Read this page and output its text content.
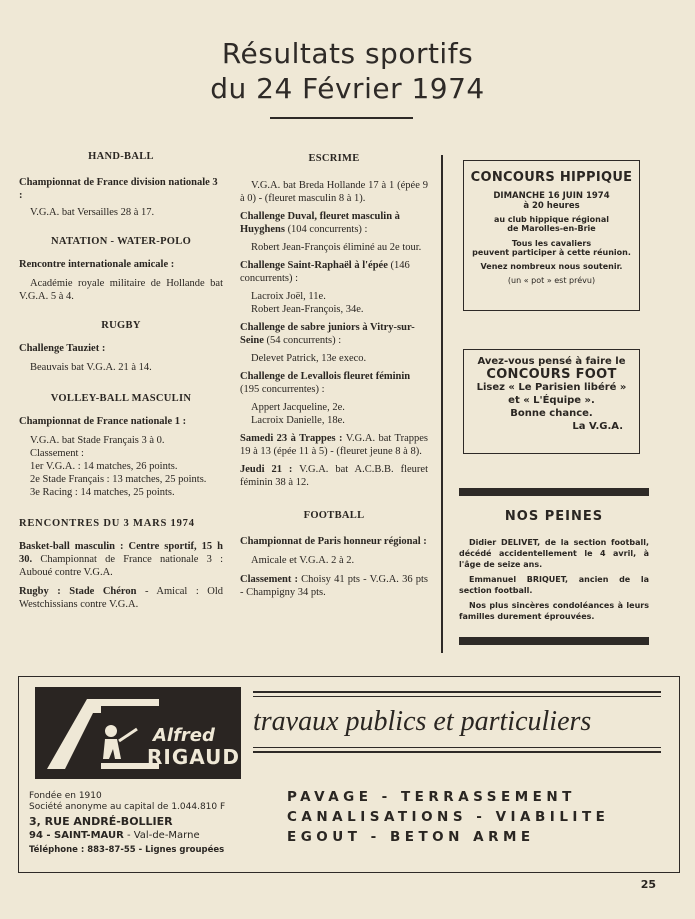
Résultats sportifs
du 24 Février 1974
HAND-BALL
Championnat de France division nationale 3 :
V.G.A. bat Versailles 28 à 17.
NATATION - WATER-POLO
Rencontre internationale amicale :
Académie royale militaire de Hollande bat V.G.A. 5 à 4.
RUGBY
Challenge Tauziet :
Beauvais bat V.G.A. 21 à 14.
VOLLEY-BALL MASCULIN
Championnat de France nationale 1 :
V.G.A. bat Stade Français 3 à 0.
Classement :
1er V.G.A. : 14 matches, 26 points.
2e Stade Français : 13 matches, 25 points.
3e Racing : 14 matches, 25 points.
RENCONTRES DU 3 MARS 1974
Basket-ball masculin : Centre sportif, 15 h 30. Championnat de France nationale 3 : Auboué contre V.G.A.
Rugby : Stade Chéron - Amical : Old Westchissians contre V.G.A.
ESCRIME
V.G.A. bat Breda Hollande 17 à 1 (épée 9 à 0) - (fleuret masculin 8 à 1).
Challenge Duval, fleuret masculin à Huyghens (104 concurrents) :
Robert Jean-François éliminé au 2e tour.
Challenge Saint-Raphaël à l'épée (146 concurrents) :
Lacroix Joël, 11e.
Robert Jean-François, 34e.
Challenge de sabre juniors à Vitry-sur-Seine (54 concurrents) :
Delevet Patrick, 13e execo.
Challenge de Levallois fleuret féminin (195 concurrentes) :
Appert Jacqueline, 2e.
Lacroix Danielle, 18e.
Samedi 23 à Trappes : V.G.A. bat Trappes 19 à 13 (épée 11 à 5) - (fleuret jeune 8 à 8).
Jeudi 21 : V.G.A. bat A.C.B.B. fleuret féminin 38 à 12.
FOOTBALL
Championnat de Paris honneur régional :
Amicale et V.G.A. 2 à 2.
Classement : Choisy 41 pts - V.G.A. 36 pts - Champigny 34 pts.
CONCOURS HIPPIQUE
DIMANCHE 16 JUIN 1974
à 20 heures
au club hippique régional
de Marolles-en-Brie
Tous les cavaliers
peuvent participer à cette réunion.
Venez nombreux nous soutenir.
(un « pot » est prévu)
Avez-vous pensé à faire le
CONCOURS FOOT
Lisez « Le Parisien libéré »
et « L'Équipe ».
Bonne chance.
La V.G.A.
NOS PEINES
Didier DELIVET, de la section football, décédé accidentellement le 4 avril, à l'âge de seize ans.
Emmanuel BRIQUET, ancien de la section football.
Nos plus sincères condoléances à leurs familles durement éprouvées.
Alfred
RIGAUD
travaux publics et particuliers
Fondée en 1910
Société anonyme au capital de 1.044.810 F
3, RUE ANDRÉ-BOLLIER
94 - SAINT-MAUR - Val-de-Marne
Téléphone : 883-87-55 - Lignes groupées
PAVAGE - TERRASSEMENT
CANALISATIONS - VIABILITE
EGOUT - BETON ARME
25
